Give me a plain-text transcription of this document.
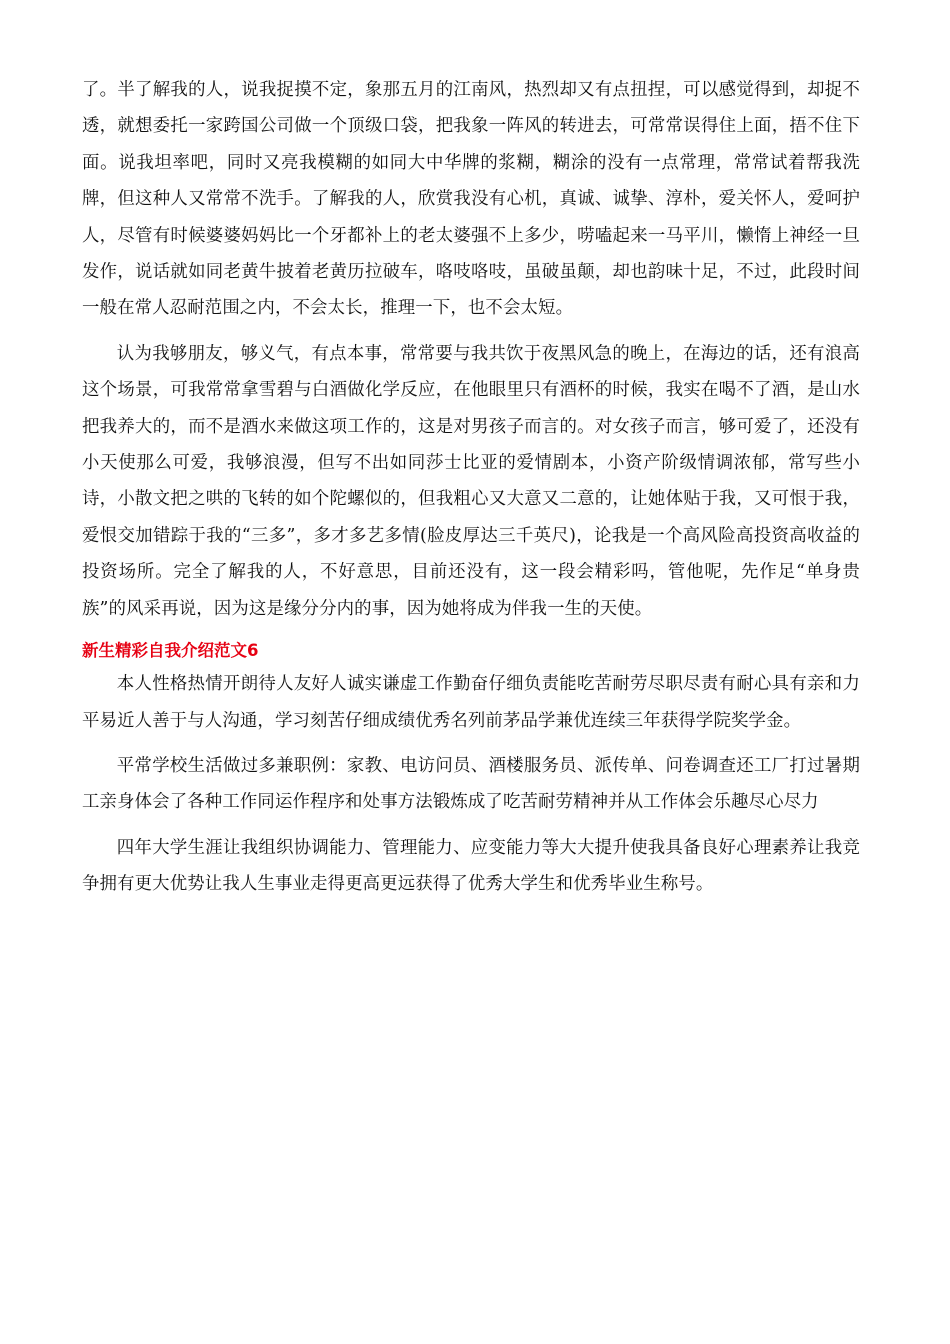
了。半了解我的人，说我捉摸不定，象那五月的江南风，热烈却又有点扭捏，可以感觉得到，却捉不透，就想委托一家跨国公司做一个顶级口袋，把我象一阵风的转进去，可常常误得住上面，捂不住下面。说我坦率吧，同时又亮我模糊的如同大中华牌的浆糊，糊涂的没有一点常理，常常试着帮我洗牌，但这种人又常常不洗手。了解我的人，欣赏我没有心机，真诚、诚挚、淳朴，爱关怀人，爱呵护人，尽管有时候婆婆妈妈比一个牙都补上的老太婆强不上多少，唠嗑起来一马平川，懒惰上神经一旦发作，说话就如同老黄牛披着老黄历拉破车，咯吱咯吱，虽破虽颠，却也韵味十足，不过，此段时间一般在常人忍耐范围之内，不会太长，推理一下，也不会太短。

认为我够朋友，够义气，有点本事，常常要与我共饮于夜黑风急的晚上，在海边的话，还有浪高这个场景，可我常常拿雪碧与白酒做化学反应，在他眼里只有酒杯的时候，我实在喝不了酒，是山水把我养大的，而不是酒水来做这项工作的，这是对男孩子而言的。对女孩子而言，够可爱了，还没有小天使那么可爱，我够浪漫，但写不出如同莎士比亚的爱情剧本，小资产阶级情调浓郁，常写些小诗，小散文把之哄的飞转的如个陀螺似的，但我粗心又大意又二意的，让她体贴于我，又可恨于我，爱恨交加错踪于我的“三多”，多才多艺多情(脸皮厚达三千英尺)，论我是一个高风险高投资高收益的投资场所。完全了解我的人，不好意思，目前还没有，这一段会精彩吗，管他呢，先作足“单身贵族”的风采再说，因为这是缘分分内的事，因为她将成为伴我一生的天使。

新生精彩自我介绍范文6

本人性格热情开朗待人友好人诚实谦虚工作勤奋仔细负责能吃苦耐劳尽职尽责有耐心具有亲和力平易近人善于与人沟通，学习刻苦仔细成绩优秀名列前茅品学兼优连续三年获得学院奖学金。

平常学校生活做过多兼职例：家教、电访问员、酒楼服务员、派传单、问卷调查还工厂打过暑期工亲身体会了各种工作同运作程序和处事方法锻炼成了吃苦耐劳精神并从工作体会乐趣尽心尽力

四年大学生涯让我组织协调能力、管理能力、应变能力等大大提升使我具备良好心理素养让我竞争拥有更大优势让我人生事业走得更高更远获得了优秀大学生和优秀毕业生称号。
